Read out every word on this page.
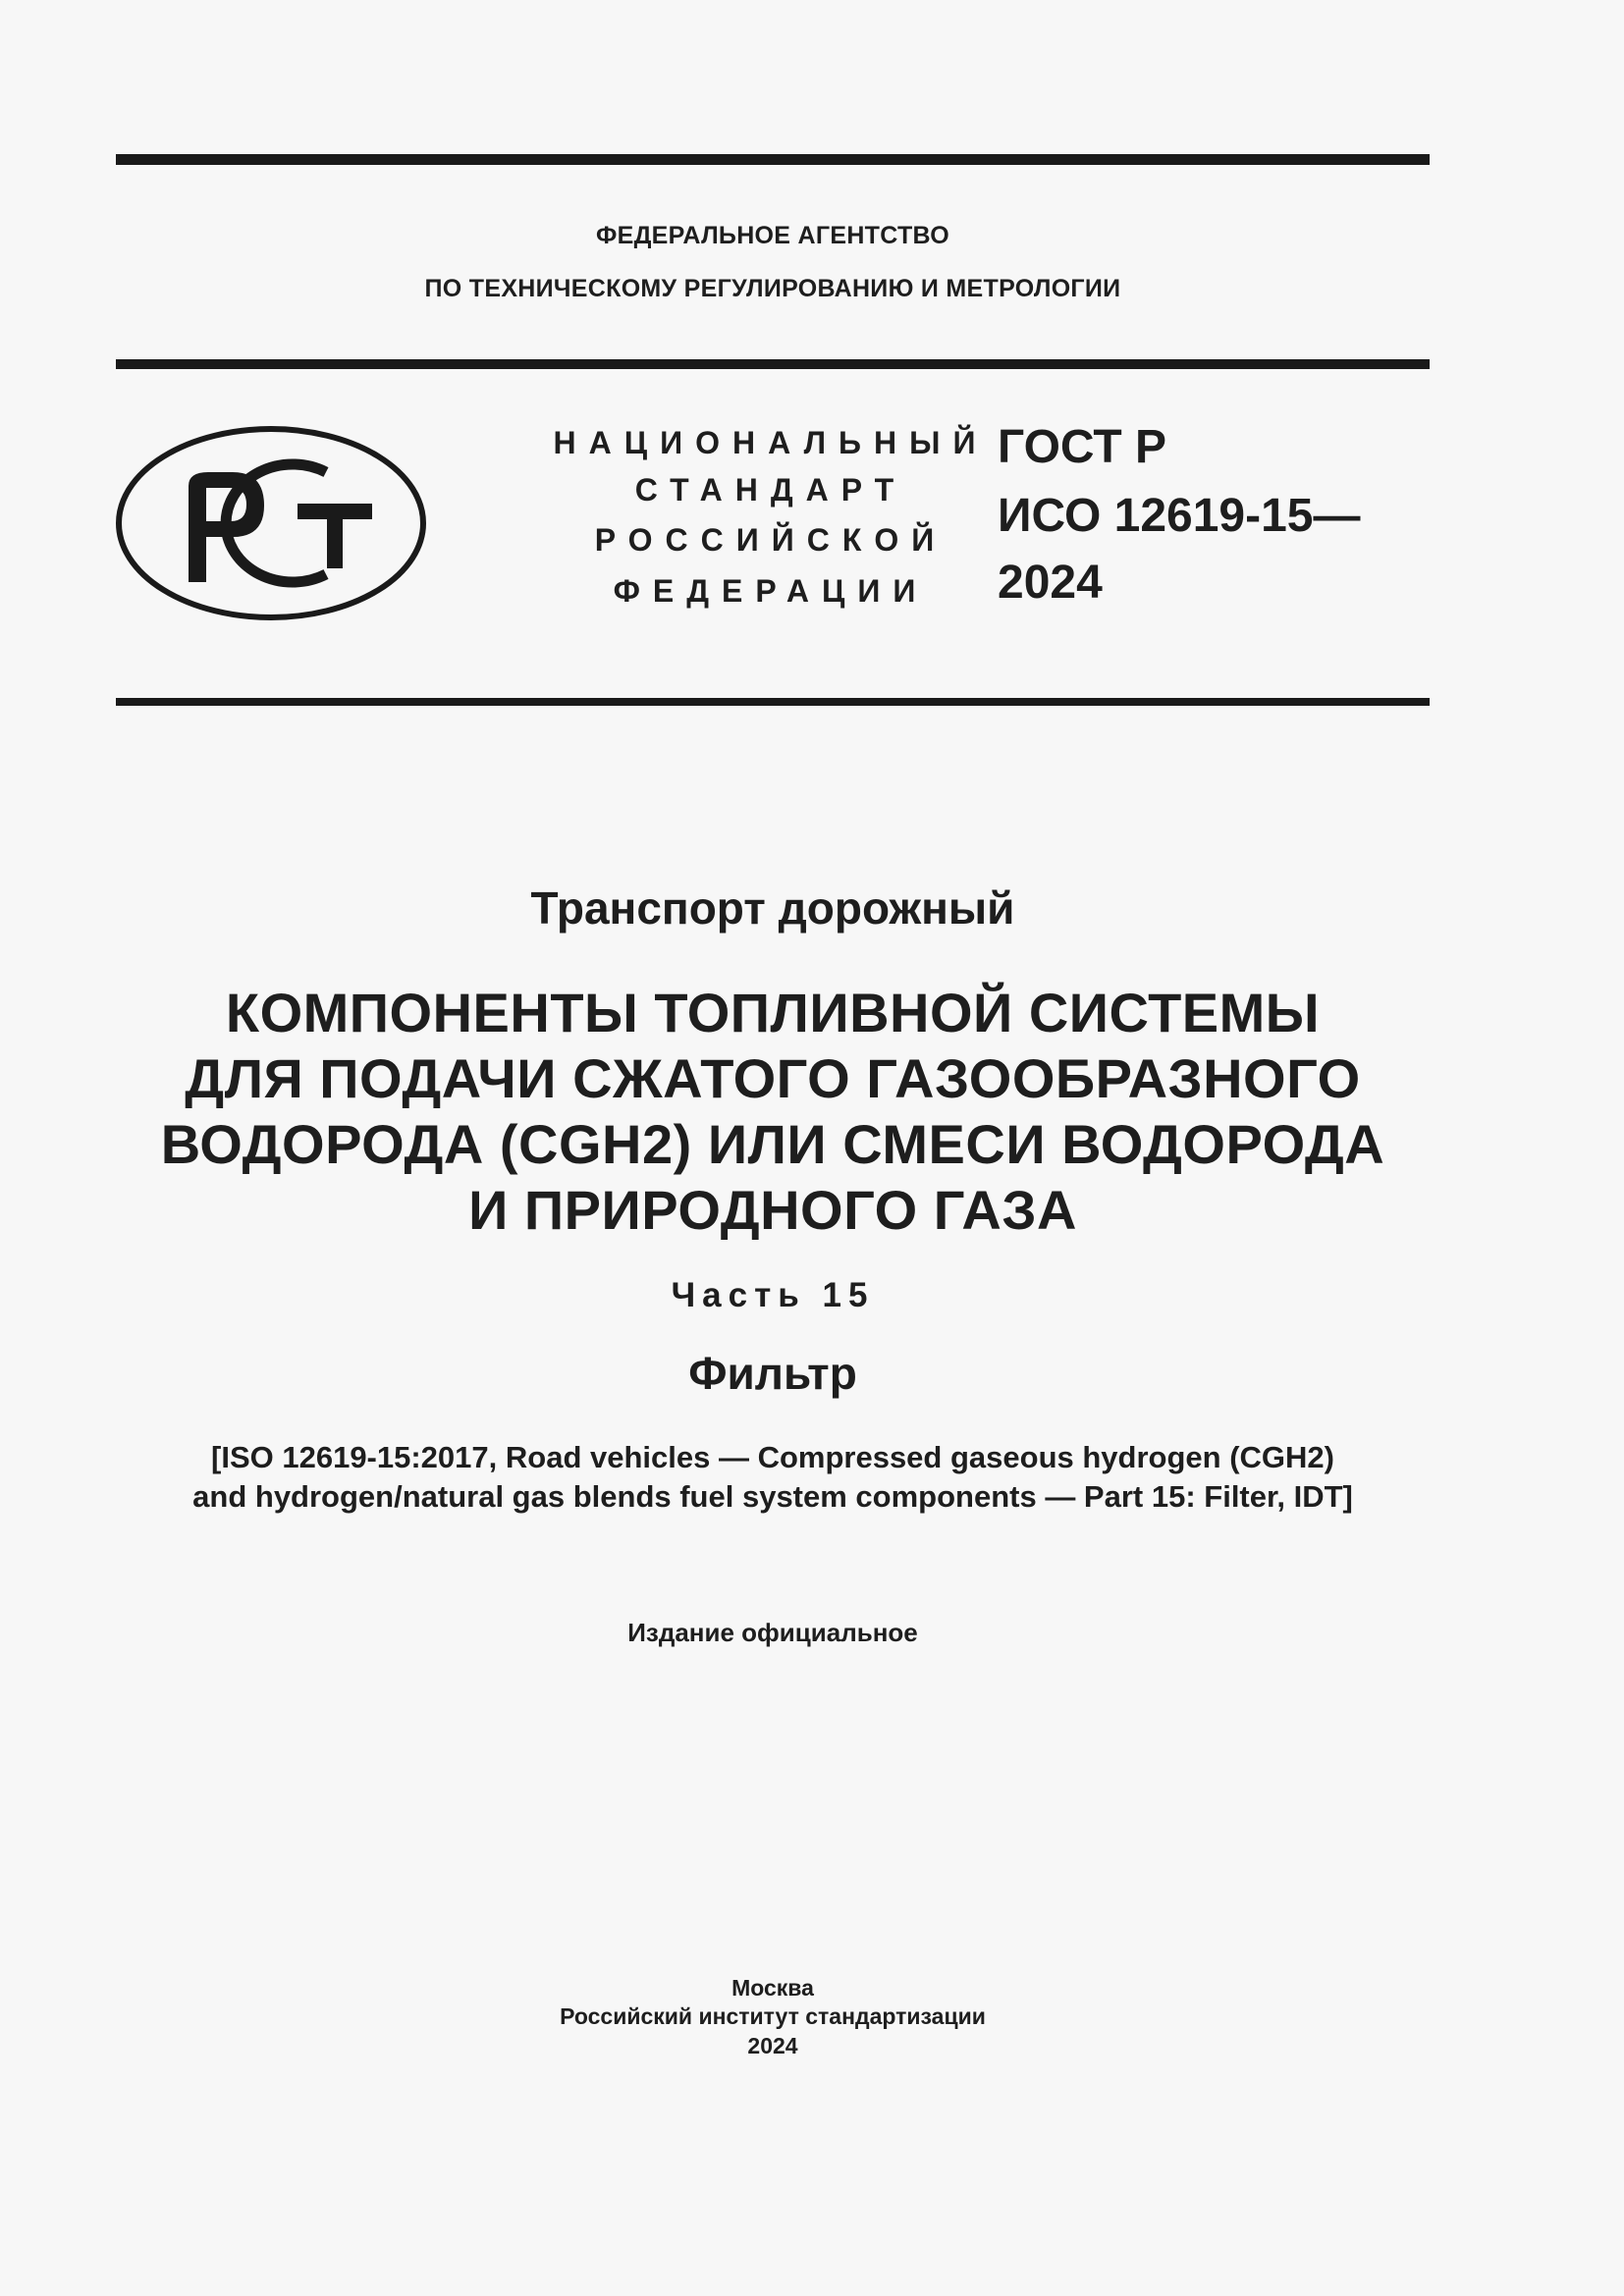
ФЕДЕРАЛЬНОЕ АГЕНТСТВО
ПО ТЕХНИЧЕСКОМУ РЕГУЛИРОВАНИЮ И МЕТРОЛОГИИ
НАЦИОНАЛЬНЫЙ
СТАНДАРТ
РОССИЙСКОЙ
ФЕДЕРАЦИИ
ГОСТ Р
ИСО 12619-15—
2024
Транспорт дорожный
КОМПОНЕНТЫ ТОПЛИВНОЙ СИСТЕМЫ
ДЛЯ ПОДАЧИ СЖАТОГО ГАЗООБРАЗНОГО
ВОДОРОДА (CGH2) ИЛИ СМЕСИ ВОДОРОДА
И ПРИРОДНОГО ГАЗА
Часть 15
Фильтр
[ISO 12619-15:2017, Road vehicles — Compressed gaseous hydrogen (CGH2)
and hydrogen/natural gas blends fuel system components — Part 15: Filter, IDT]
Издание официальное
Москва
Российский институт стандартизации
2024
